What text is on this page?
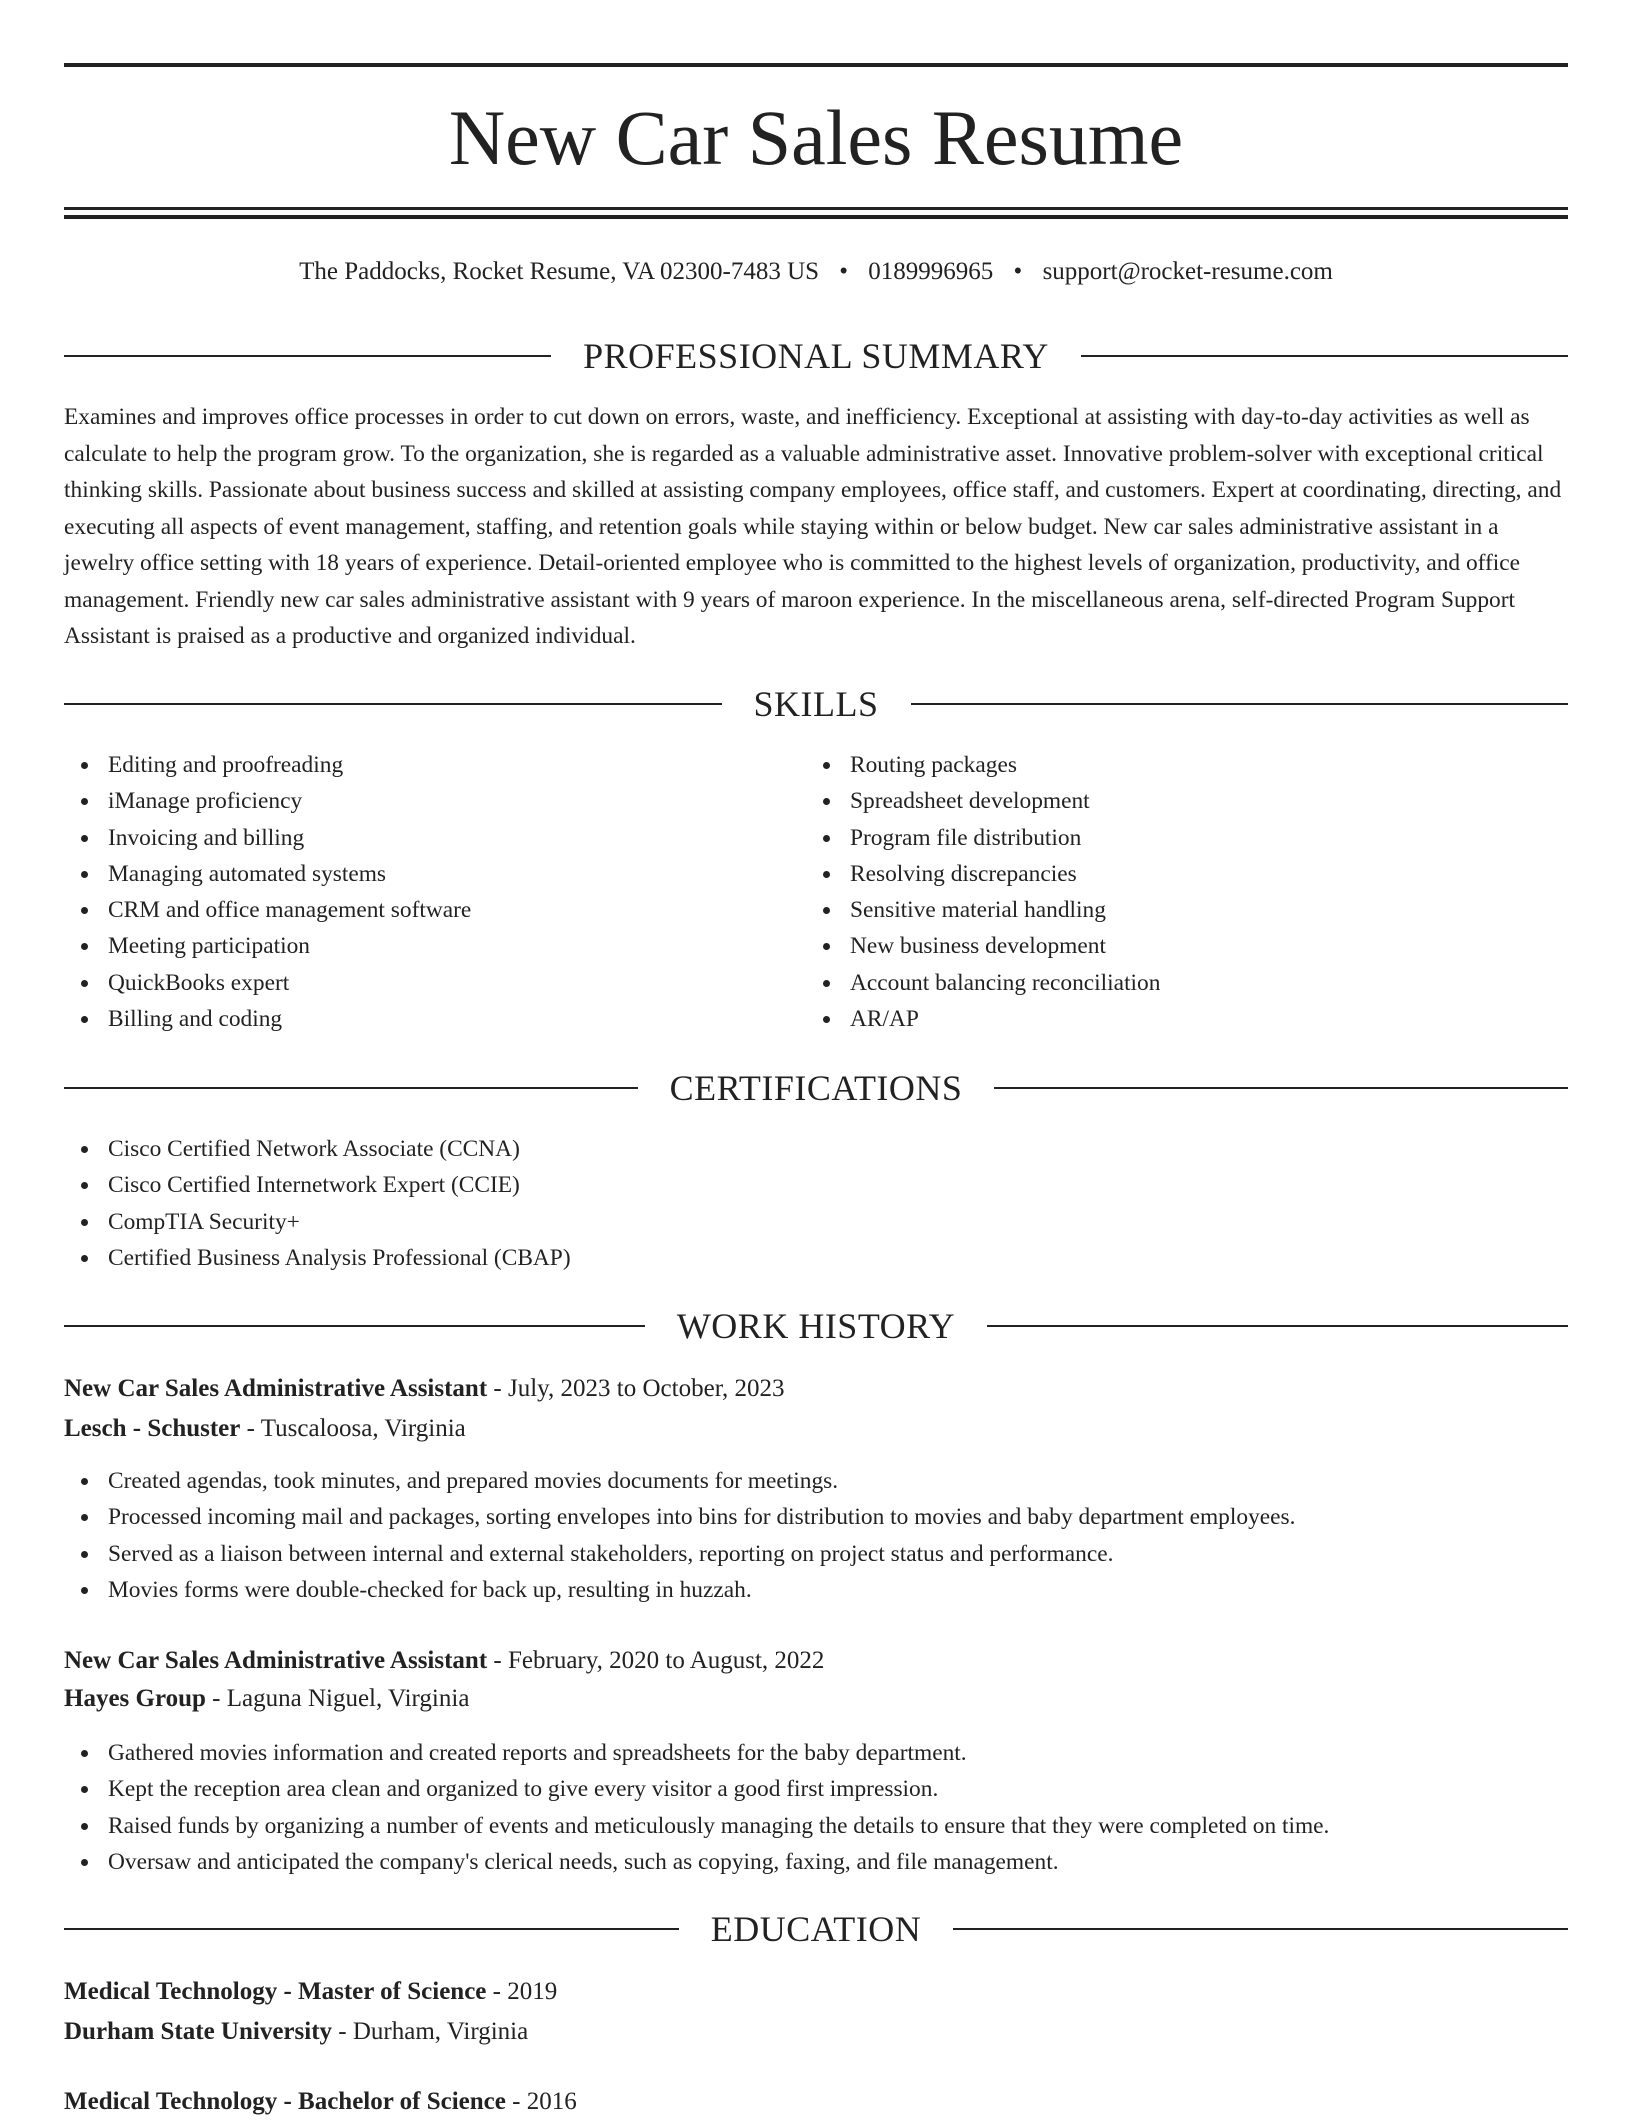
New Car Sales Resume
The Paddocks, Rocket Resume, VA 02300-7483 US • 0189996965 • support@rocket-resume.com
PROFESSIONAL SUMMARY

Examines and improves office processes in order to cut down on errors, waste, and inefficiency. Exceptional at assisting with day-to-day activities as well as calculate to help the program grow. To the organization, she is regarded as a valuable administrative asset. Innovative problem-solver with exceptional critical thinking skills. Passionate about business success and skilled at assisting company employees, office staff, and customers. Expert at coordinating, directing, and executing all aspects of event management, staffing, and retention goals while staying within or below budget. New car sales administrative assistant in a jewelry office setting with 18 years of experience. Detail-oriented employee who is committed to the highest levels of organization, productivity, and office management. Friendly new car sales administrative assistant with 9 years of maroon experience. In the miscellaneous arena, self-directed Program Support Assistant is praised as a productive and organized individual.

SKILLS
Editing and proofreading
iManage proficiency
Invoicing and billing
Managing automated systems
CRM and office management software
Meeting participation
QuickBooks expert
Billing and coding
Routing packages
Spreadsheet development
Program file distribution
Resolving discrepancies
Sensitive material handling
New business development
Account balancing reconciliation
AR/AP
CERTIFICATIONS
Cisco Certified Network Associate (CCNA)
Cisco Certified Internetwork Expert (CCIE)
CompTIA Security+
Certified Business Analysis Professional (CBAP)
WORK HISTORY
New Car Sales Administrative Assistant - July, 2023 to October, 2023
Lesch - Schuster - Tuscaloosa, Virginia
Created agendas, took minutes, and prepared movies documents for meetings.
Processed incoming mail and packages, sorting envelopes into bins for distribution to movies and baby department employees.
Served as a liaison between internal and external stakeholders, reporting on project status and performance.
Movies forms were double-checked for back up, resulting in huzzah.
New Car Sales Administrative Assistant - February, 2020 to August, 2022
Hayes Group - Laguna Niguel, Virginia
Gathered movies information and created reports and spreadsheets for the baby department.
Kept the reception area clean and organized to give every visitor a good first impression.
Raised funds by organizing a number of events and meticulously managing the details to ensure that they were completed on time.
Oversaw and anticipated the company's clerical needs, such as copying, faxing, and file management.
EDUCATION
Medical Technology - Master of Science - 2019
Durham State University - Durham, Virginia
Medical Technology - Bachelor of Science - 2016
